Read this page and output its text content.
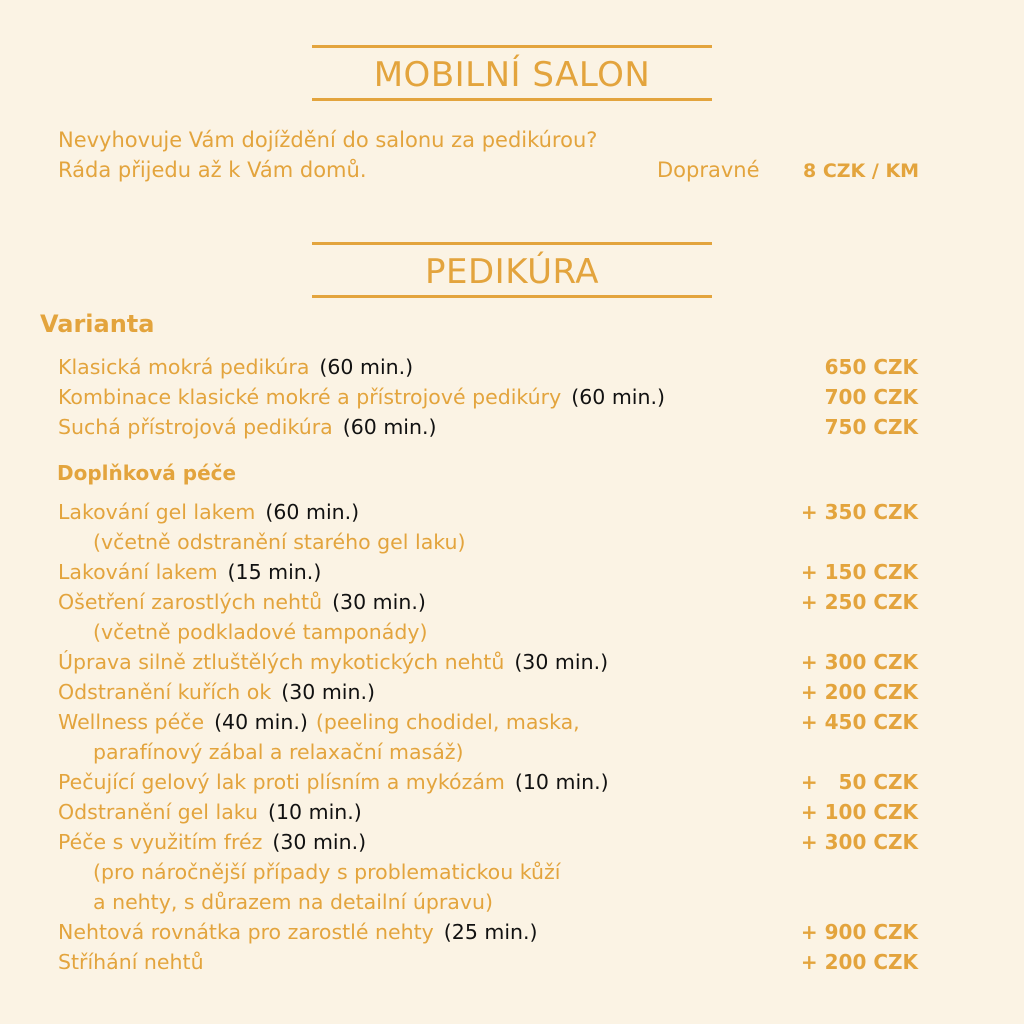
MOBILNÍ SALON
Nevyhovuje Vám dojíždění do salonu za pedikúrou?
Ráda přijedu až k Vám domů.	Dopravné 8 CZK / KM
PEDIKÚRA
Varianta
Klasická mokrá pedikúra (60 min.)	650 CZK
Kombinace klasické mokré a přístrojové pedikúry (60 min.)	700 CZK
Suchá přístrojová pedikúra (60 min.)	750 CZK
Doplňková péče
Lakování gel lakem (60 min.)	+ 350 CZK
(včetně odstranění starého gel laku)
Lakování lakem (15 min.)	+ 150 CZK
Ošetření zarostlých nehtů (30 min.)	+ 250 CZK
(včetně podkladové tamponády)
Úprava silně ztluštělých mykotických nehtů (30 min.)	+ 300 CZK
Odstranění kuřích ok (30 min.)	+ 200 CZK
Wellness péče (40 min.) (peeling chodidel, maska,	+ 450 CZK
parafínový zábal a relaxační masáž)
Pečující gelový lak proti plísním a mykózám (10 min.)	+   50 CZK
Odstranění gel laku (10 min.)	+ 100 CZK
Péče s využitím fréz (30 min.)	+ 300 CZK
(pro náročnější případy s problematickou kůží
a nehty, s důrazem na detailní úpravu)
Nehtová rovnátka pro zarostlé nehty (25 min.)	+ 900 CZK
Stříhání nehtů	+ 200 CZK
